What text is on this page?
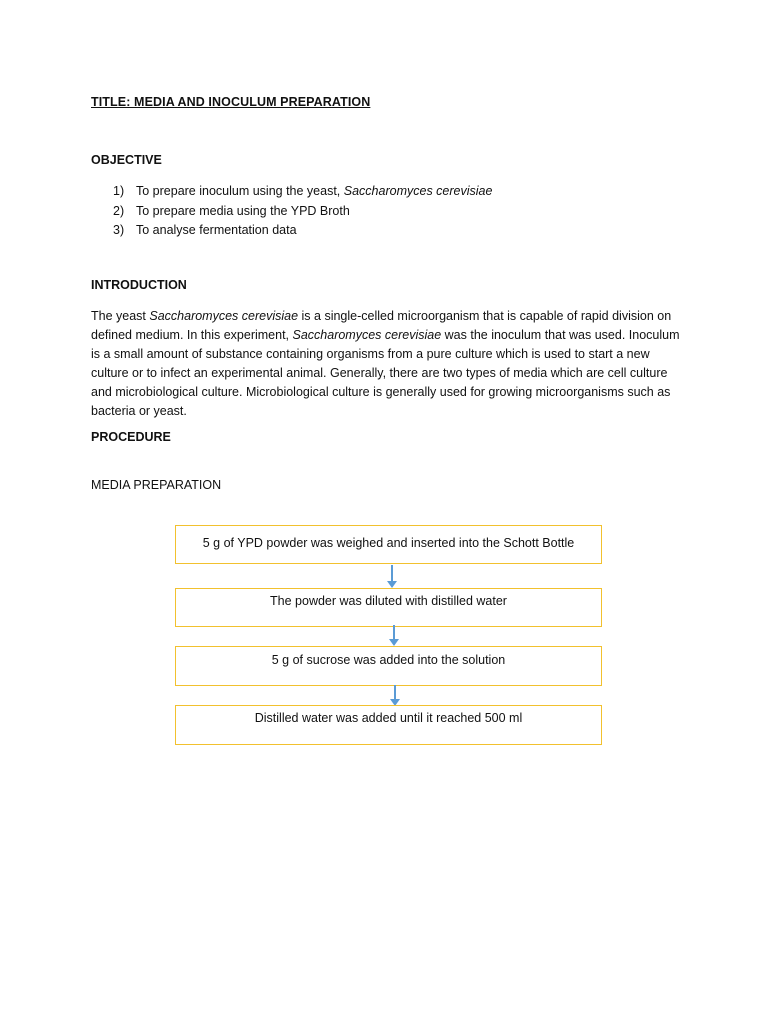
TITLE: MEDIA AND INOCULUM PREPARATION
OBJECTIVE
1) To prepare inoculum using the yeast, Saccharomyces cerevisiae
2) To prepare media using the YPD Broth
3) To analyse fermentation data
INTRODUCTION

The yeast Saccharomyces cerevisiae is a single-celled microorganism that is capable of rapid division on defined medium. In this experiment, Saccharomyces cerevisiae was the inoculum that was used. Inoculum is a small amount of substance containing organisms from a pure culture which is used to start a new culture or to infect an experimental animal. Generally, there are two types of media which are cell culture and microbiological culture. Microbiological culture is generally used for growing microorganisms such as bacteria or yeast.

PROCEDURE
MEDIA PREPARATION
5 g of YPD powder was weighed and inserted into the Schott Bottle
The powder was diluted with distilled water
5 g of sucrose was added into the solution
Distilled water was added until it reached 500 ml
